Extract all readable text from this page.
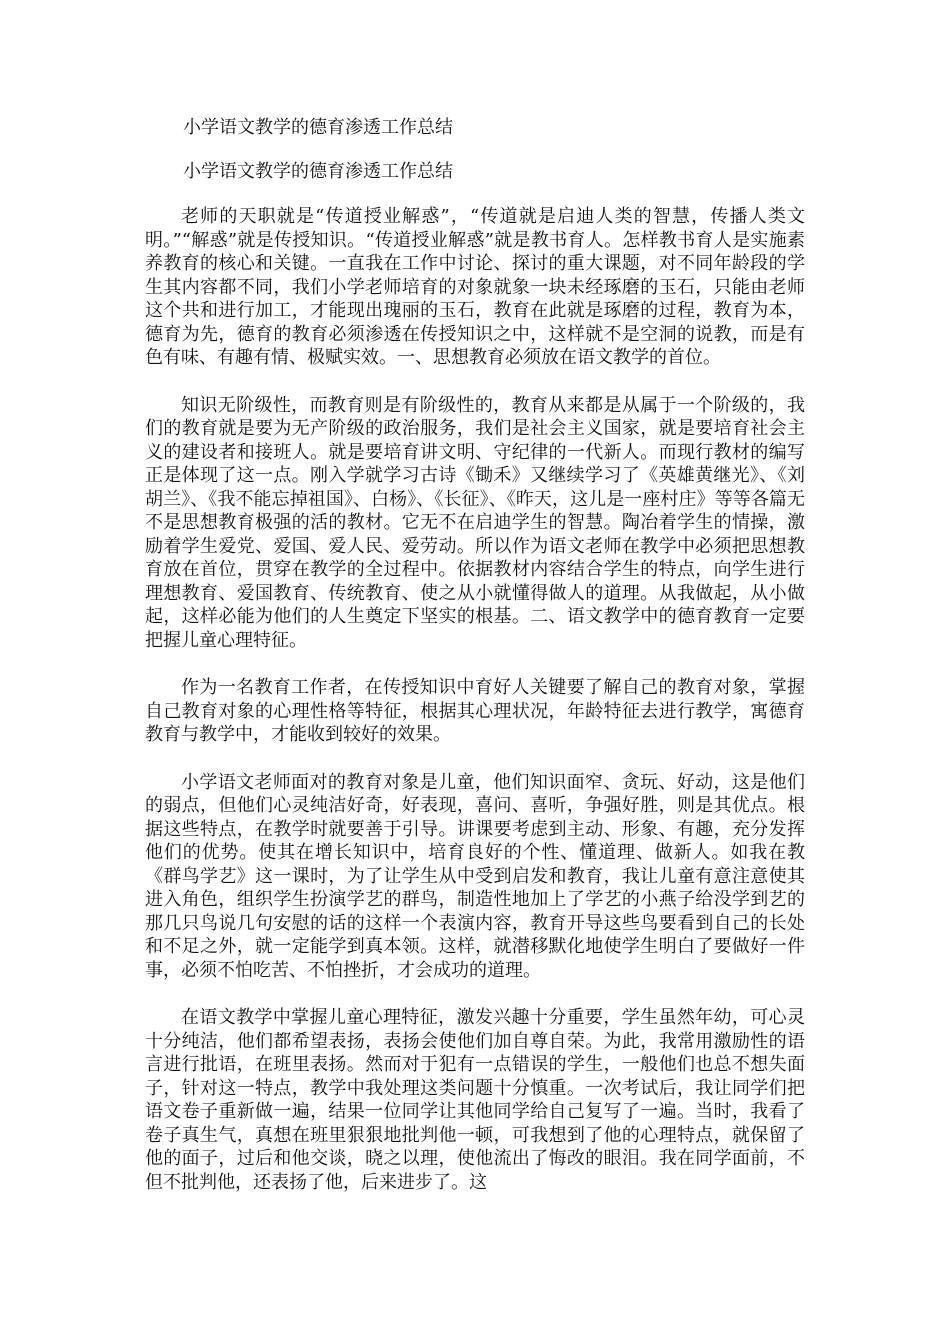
小学语文教学的德育渗透工作总结
小学语文教学的德育渗透工作总结

老师的天职就是“传道授业解惑”，“传道就是启迪人类的智慧，传播人类文明。”“解惑”就是传授知识。“传道授业解惑”就是教书育人。怎样教书育人是实施素养教育的核心和关键。一直我在工作中讨论、探讨的重大课题，对不同年龄段的学生其内容都不同，我们小学老师培育的对象就象一块未经琢磨的玉石，只能由老师这个共和进行加工，才能现出瑰丽的玉石，教育在此就是琢磨的过程，教育为本，德育为先，德育的教育必须渗透在传授知识之中，这样就不是空洞的说教，而是有色有味、有趣有情、极赋实效。一、思想教育必须放在语文教学的首位。

知识无阶级性，而教育则是有阶级性的，教育从来都是从属于一个阶级的，我们的教育就是要为无产阶级的政治服务，我们是社会主义国家，就是要培育社会主义的建设者和接班人。就是要培育讲文明、守纪律的一代新人。而现行教材的编写正是体现了这一点。刚入学就学习古诗《锄禾》又继续学习了《英雄黄继光》、《刘胡兰》、《我不能忘掉祖国》、白杨》、《长征》、《昨天，这儿是一座村庄》等等各篇无不是思想教育极强的活的教材。它无不在启迪学生的智慧。陶冶着学生的情操，激励着学生爱党、爱国、爱人民、爱劳动。所以作为语文老师在教学中必须把思想教育放在首位，贯穿在教学的全过程中。依据教材内容结合学生的特点，向学生进行理想教育、爱国教育、传统教育、使之从小就懂得做人的道理。从我做起，从小做起，这样必能为他们的人生奠定下坚实的根基。二、语文教学中的德育教育一定要把握儿童心理特征。

作为一名教育工作者，在传授知识中育好人关键要了解自己的教育对象，掌握自己教育对象的心理性格等特征，根据其心理状况，年龄特征去进行教学，寓德育教育与教学中，才能收到较好的效果。

小学语文老师面对的教育对象是儿童，他们知识面窄、贪玩、好动，这是他们的弱点，但他们心灵纯洁好奇，好表现，喜问、喜听，争强好胜，则是其优点。根据这些特点，在教学时就要善于引导。讲课要考虑到主动、形象、有趣，充分发挥他们的优势。使其在增长知识中，培育良好的个性、懂道理、做新人。如我在教《群鸟学艺》这一课时，为了让学生从中受到启发和教育，我让儿童有意注意使其进入角色，组织学生扮演学艺的群鸟，制造性地加上了学艺的小燕子给没学到艺的那几只鸟说几句安慰的话的这样一个表演内容，教育开导这些鸟要看到自己的长处和不足之外，就一定能学到真本领。这样，就潜移默化地使学生明白了要做好一件事，必须不怕吃苦、不怕挫折，才会成功的道理。

在语文教学中掌握儿童心理特征，激发兴趣十分重要，学生虽然年幼，可心灵十分纯洁，他们都希望表扬，表扬会使他们加自尊自荣。为此，我常用激励性的语言进行批语，在班里表扬。然而对于犯有一点错误的学生，一般他们也总不想失面子，针对这一特点，教学中我处理这类问题十分慎重。一次考试后，我让同学们把语文卷子重新做一遍，结果一位同学让其他同学给自己复写了一遍。当时，我看了卷子真生气，真想在班里狠狠地批判他一顿，可我想到了他的心理特点，就保留了他的面子，过后和他交谈，晓之以理，使他流出了悔改的眼泪。我在同学面前，不但不批判他，还表扬了他，后来进步了。这
